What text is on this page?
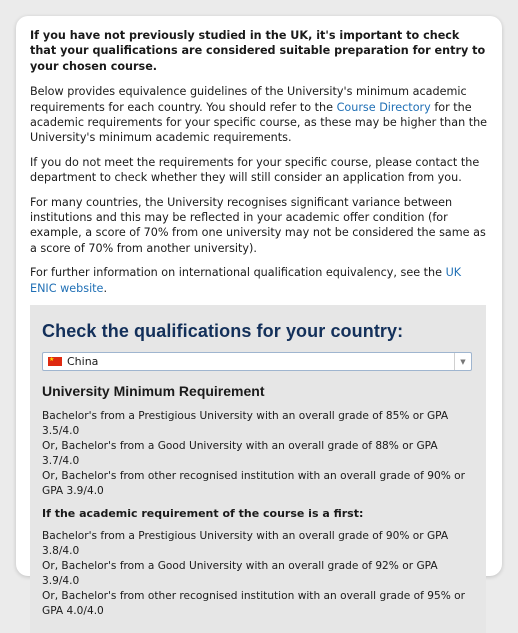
If you have not previously studied in the UK, it's important to check that your qualifications are considered suitable preparation for entry to your chosen course.

Below provides equivalence guidelines of the University's minimum academic requirements for each country. You should refer to the Course Directory for the academic requirements for your specific course, as these may be higher than the University's minimum academic requirements.

If you do not meet the requirements for your specific course, please contact the department to check whether they will still consider an application from you.

For many countries, the University recognises significant variance between institutions and this may be reflected in your academic offer condition (for example, a score of 70% from one university may not be considered the same as a score of 70% from another university).

For further information on international qualification equivalency, see the UK ENIC website.

Check the qualifications for your country:
★ China	▼
University Minimum Requirement
Bachelor's from a Prestigious University with an overall grade of 85% or GPA 3.5/4.0
Or, Bachelor's from a Good University with an overall grade of 88% or GPA 3.7/4.0
Or, Bachelor's from other recognised institution with an overall grade of 90% or GPA 3.9/4.0
If the academic requirement of the course is a first:
Bachelor's from a Prestigious University with an overall grade of 90% or GPA 3.8/4.0
Or, Bachelor's from a Good University with an overall grade of 92% or GPA 3.9/4.0
Or, Bachelor's from other recognised institution with an overall grade of 95% or GPA 4.0/4.0
